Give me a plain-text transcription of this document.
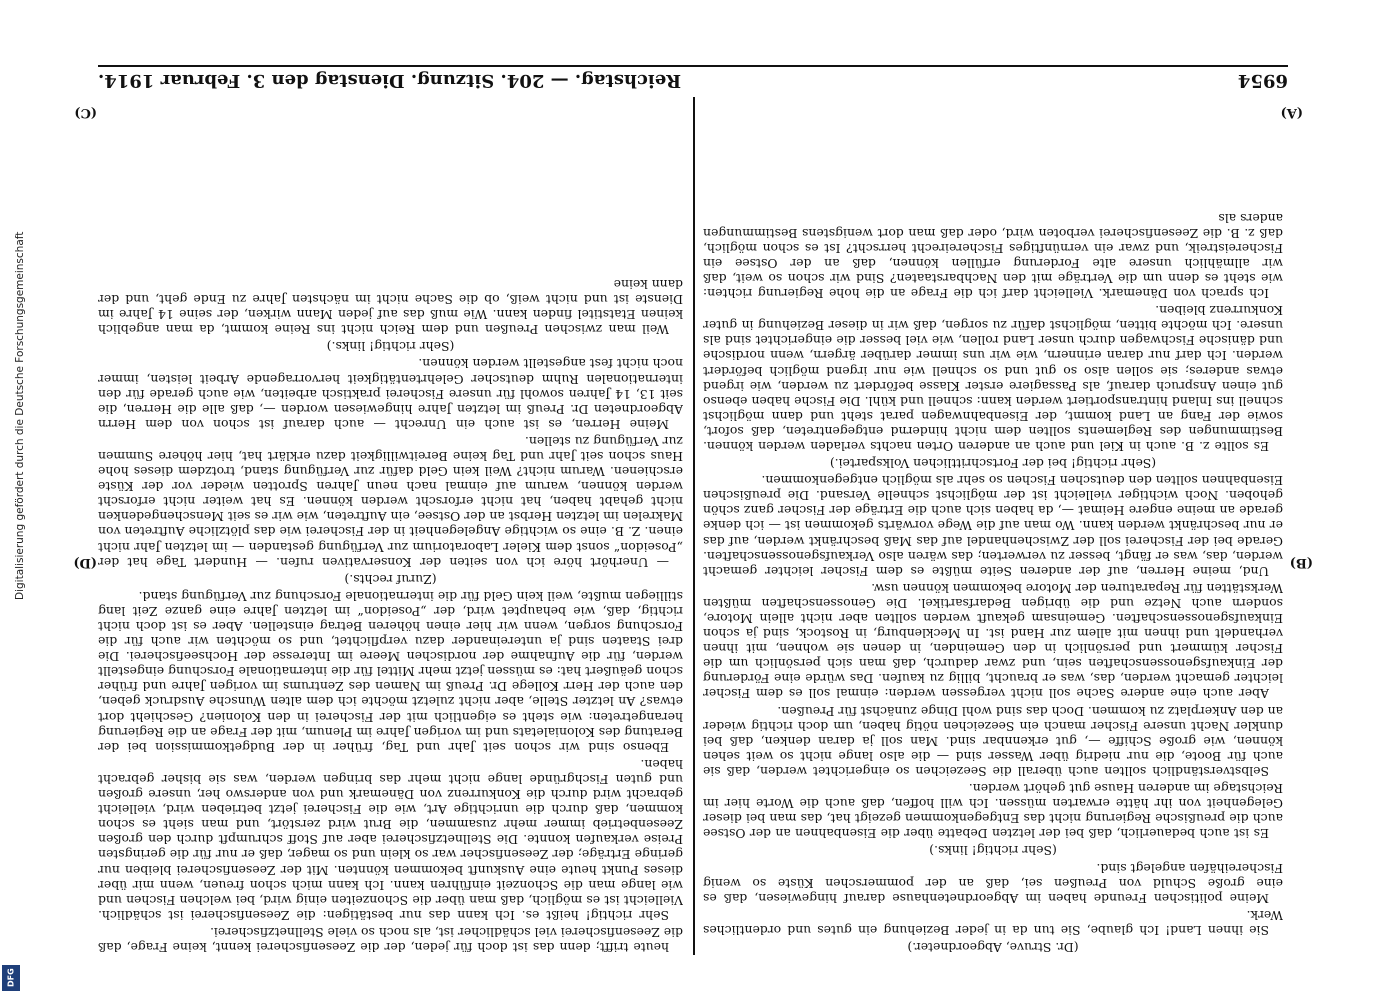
6954
Reichstag. — 204. Sitzung. Dienstag den 3. Februar 1914.
(A)
(B)
(C)
(D)

(Dr. Struve, Abgeordneter.)

Sie ihnen Land! Ich glaube, Sie tun da in jeder Beziehung ein gutes und ordentliches Werk.

Meine politischen Freunde haben im Abgeordnetenhause darauf hingewiesen, daß es eine große Schuld von Preußen sei, daß an der pommerschen Küste so wenig Fischereihäfen angelegt sind.

(Sehr richtig! links.)

Es ist auch bedauerlich, daß bei der letzten Debatte über die Eisenbahnen an der Ostsee auch die preußische Regierung nicht das Entgegenkommen gezeigt hat, das man bei dieser Gelegenheit von ihr hätte erwarten müssen. Ich will hoffen, daß auch die Worte hier im Reichstage im anderen Hause gut gehört werden.

Selbstverständlich sollten auch überall die Seezeichen so eingerichtet werden, daß sie auch für Boote, die nur niedrig über Wasser sind — die also lange nicht so weit sehen können, wie große Schiffe —, gut erkennbar sind. Man soll ja daran denken, daß bei dunkler Nacht unsere Fischer manch ein Seezeichen nötig haben, um doch richtig wieder an den Ankerplatz zu kommen. Doch das sind wohl Dinge zunächst für Preußen.

Aber auch eine andere Sache soll nicht vergessen werden: einmal soll es dem Fischer leichter gemacht werden, das, was er braucht, billig zu kaufen. Das würde eine Förderung der Einkaufsgenossenschaften sein, und zwar dadurch, daß man sich persönlich um die Fischer kümmert und persönlich in den Gemeinden, in denen sie wohnen, mit ihnen verhandelt und ihnen mit allem zur Hand ist. In Mecklenburg, in Rostock, sind ja schon Einkaufsgenossenschaften. Gemeinsam gekauft werden sollten aber nicht allein Motore, sondern auch Netze und die übrigen Bedarfsartikel. Die Genossenschaften müßten Werkstätten für Reparaturen der Motore bekommen können usw.

Und, meine Herren, auf der anderen Seite müßte es dem Fischer leichter gemacht werden, das, was er fängt, besser zu verwerten; das wären also Verkaufsgenossenschaften. Gerade bei der Fischerei soll der Zwischenhandel auf das Maß beschränkt werden, auf das er nur beschränkt werden kann. Wo man auf die Wege vorwärts gekommen ist — ich denke gerade an meine engere Heimat —, da haben sich auch die Erträge der Fischer ganz schön gehoben. Noch wichtiger vielleicht ist der möglichst schnelle Versand. Die preußischen Eisenbahnen sollten den deutschen Fischen so sehr als möglich entgegenkommen.

(Sehr richtig! bei der Fortschrittlichen Volkspartei.)

Es sollte z. B. auch in Kiel und auch an anderen Orten nachts verladen werden können. Bestimmungen des Reglements sollten dem nicht hindernd entgegentreten, daß sofort, sowie der Fang an Land kommt, der Eisenbahnwagen parat steht und dann möglichst schnell ins Inland hintransportiert werden kann: schnell und kühl. Die Fische haben ebenso gut einen Anspruch darauf, als Passagiere erster Klasse befördert zu werden, wie irgend etwas anderes; sie sollen also so gut und so schnell wie nur irgend möglich befördert werden. Ich darf nur daran erinnern, wie wir uns immer darüber ärgern, wenn nordische und dänische Fischwagen durch unser Land rollen, wie viel besser die eingerichtet sind als unsere. Ich möchte bitten, möglichst dafür zu sorgen, daß wir in dieser Beziehung in guter Konkurrenz bleiben.

Ich sprach von Dänemark. Vielleicht darf ich die Frage an die hohe Regierung richten: wie steht es denn um die Verträge mit den Nachbarstaaten? Sind wir schon so weit, daß wir allmählich unsere alte Forderung erfüllen können, daß an der Ostsee ein Fischereistreik, und zwar ein vernünftiges Fischereirecht herrscht? Ist es schon möglich, daß z. B. die Zeesenfischerei verboten wird, oder daß man dort wenigstens Bestimmungen anders als

heute trifft; denn das ist doch für jeden, der die Zeesenfischerei kennt, keine Frage, daß die Zeesenfischerei viel schädlicher ist, als noch so viele Stellnetzfischerei.

Sehr richtig! heißt es. Ich kann das nur bestätigen: die Zeesenfischerei ist schädlich. Vielleicht ist es möglich, daß man über die Schonzeiten einig wird, bei welchen Fischen und wie lange man die Schonzeit einführen kann. Ich kann mich schon freuen, wenn mir über dieses Punkt heute eine Auskunft bekommen könnten. Mit der Zeesenfischerei bleiben nur geringe Erträge; der Zeesenfischer war so klein und so mager, daß er nur für die geringsten Preise verkaufen konnte. Die Stellnetzfischerei aber auf Stoff schrumpft durch den großen Zeesenbetrieb immer mehr zusammen, die Brut wird zerstört, und man sieht es schon kommen, daß durch die unrichtige Art, wie die Fischerei jetzt betrieben wird, vielleicht gebracht wird durch die Konkurrenz von Dänemark und von anderswo her, unsere großen und guten Fischgründe lange nicht mehr das bringen werden, was sie bisher gebracht haben.

Ebenso sind wir schon seit Jahr und Tag, früher in der Budgetkommission bei der Beratung des Kolonialetats und im vorigen Jahre im Plenum, mit der Frage an die Regierung herangetreten: wie steht es eigentlich mit der Fischerei in den Kolonien? Geschieht dort etwas? An letzter Stelle, aber nicht zuletzt möchte ich dem alten Wunsche Ausdruck geben, den auch der Herr Kollege Dr. Preuß im Namen des Zentrums im vorigen Jahre und früher schon geäußert hat: es müssen jetzt mehr Mittel für die internationale Forschung eingestellt werden, für die Aufnahme der nordischen Meere im Interesse der Hochseefischerei. Die drei Staaten sind ja untereinander dazu verpflichtet, und so möchten wir auch für die Forschung sorgen, wenn wir hier einen höheren Betrag einstellen. Aber es ist doch nicht richtig, daß, wie behauptet wird, der „Poseidon“ im letzten Jahre eine ganze Zeit lang stilliegen mußte, weil kein Geld für die internationale Forschung zur Verfügung stand.

(Zuruf rechts.)

— Unerhört höre ich von seiten der Konservativen rufen. — Hundert Tage hat der „Poseidon“ sonst dem Kieler Laboratorium zur Verfügung gestanden — im letzten Jahr nicht einen. Z. B. eine so wichtige Angelegenheit in der Fischerei wie das plötzliche Auftreten von Makrelen im letzten Herbst an der Ostsee, ein Auftreten, wie wir es seit Menschengedenken nicht gehabt haben, hat nicht erforscht werden können. Es hat weiter nicht erforscht werden können, warum auf einmal nach neun Jahren Sprotten wieder vor der Küste erschienen. Warum nicht? Weil kein Geld dafür zur Verfügung stand, trotzdem dieses hohe Haus schon seit Jahr und Tag keine Bereitwilligkeit dazu erklärt hat, hier höhere Summen zur Verfügung zu stellen.

Meine Herren, es ist auch ein Unrecht — auch darauf ist schon von dem Herrn Abgeordneten Dr. Preuß im letzten Jahre hingewiesen worden —, daß alle die Herren, die seit 13, 14 Jahren sowohl für unsere Fischerei praktisch arbeiten, wie auch gerade für den internationalen Ruhm deutscher Gelehrtentätigkeit hervorragende Arbeit leisten, immer noch nicht fest angestellt werden können.

(Sehr richtig! links.)

Weil man zwischen Preußen und dem Reich nicht ins Reine kommt, da man angeblich keinen Etatstitel finden kann. Wie muß das auf jeden Mann wirken, der seine 14 Jahre im Dienste ist und nicht weiß, ob die Sache nicht im nächsten Jahre zu Ende geht, und der dann keine

Digitalisierung gefördert durch die Deutsche Forschungsgemeinschaft
DFG
